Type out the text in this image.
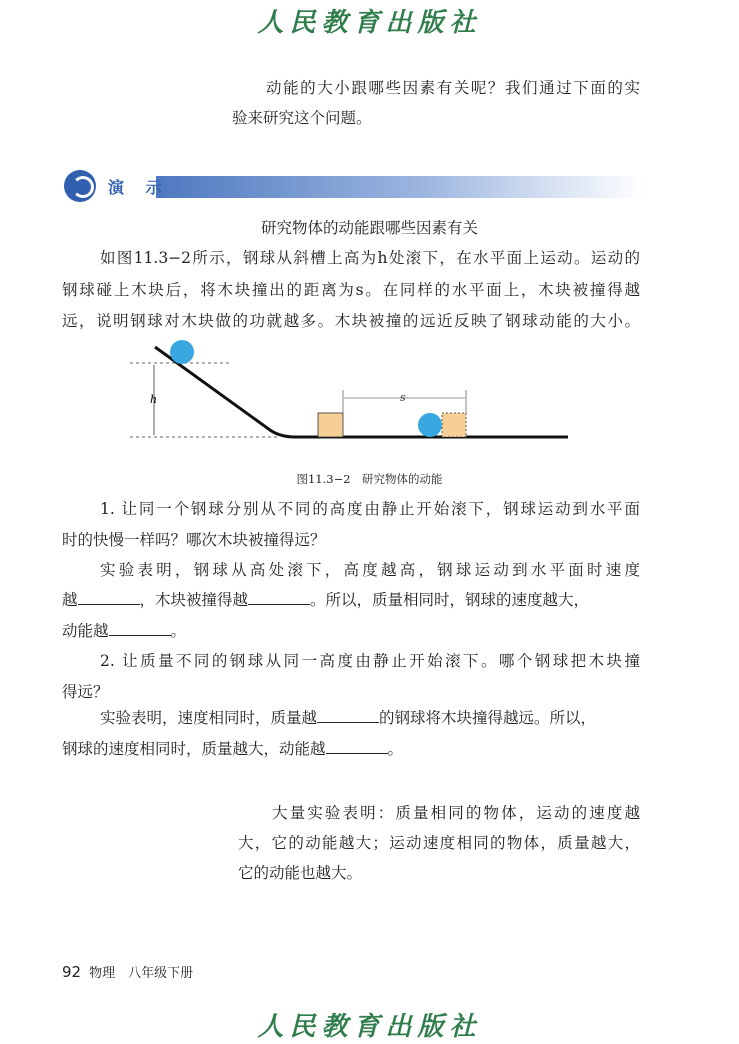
人民教育出版社
动能的大小跟哪些因素有关呢？我们通过下面的实
验来研究这个问题。
演 示
研究物体的动能跟哪些因素有关
如图11.3−2所示，钢球从斜槽上高为h处滚下，在水平面上运动。运动的
钢球碰上木块后，将木块撞出的距离为s。在同样的水平面上，木块被撞得越
远，说明钢球对木块做的功就越多。木块被撞的远近反映了钢球动能的大小。
h	s
图11.3−2　研究物体的动能
1. 让同一个钢球分别从不同的高度由静止开始滚下，钢球运动到水平面
时的快慢一样吗？哪次木块被撞得远？
实验表明，钢球从高处滚下，高度越高，钢球运动到水平面时速度
越	，木块被撞得越	。所以，质量相同时，钢球的速度越大，
动能越	。
2. 让质量不同的钢球从同一高度由静止开始滚下。哪个钢球把木块撞
得远？
实验表明，速度相同时，质量越	的钢球将木块撞得越远。所以，
钢球的速度相同时，质量越大，动能越	。
大量实验表明：质量相同的物体，运动的速度越
大，它的动能越大；运动速度相同的物体，质量越大，
它的动能也越大。
92 物理　八年级下册
人民教育出版社
